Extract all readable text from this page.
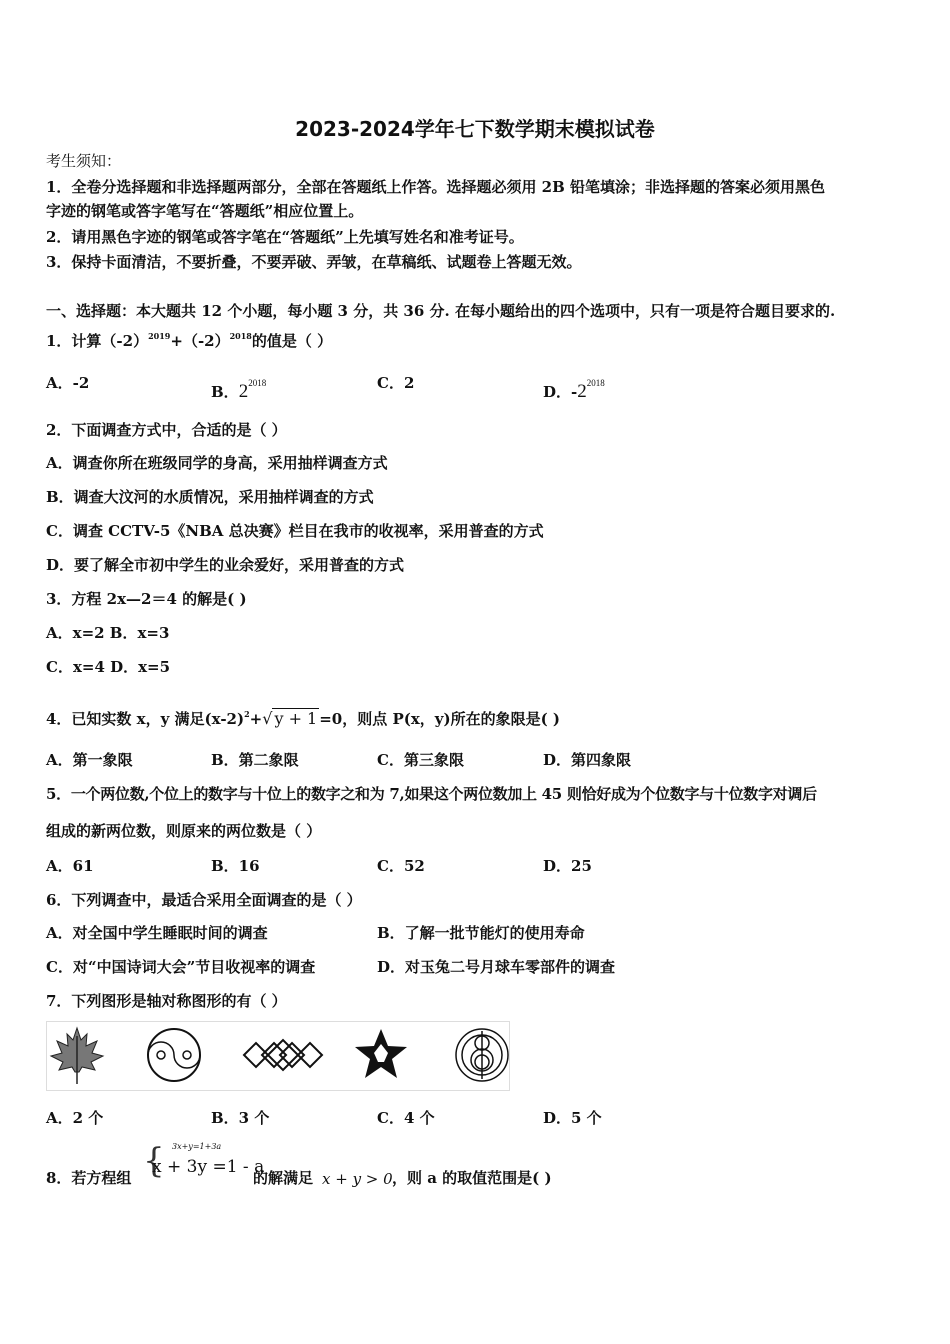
2023-2024学年七下数学期末模拟试卷
考生须知：
1．全卷分选择题和非选择题两部分，全部在答题纸上作答。选择题必须用 2B 铅笔填涂；非选择题的答案必须用黑色
字迹的钢笔或答字笔写在“答题纸”相应位置上。
2．请用黑色字迹的钢笔或答字笔在“答题纸”上先填写姓名和准考证号。
3．保持卡面清洁，不要折叠，不要弄破、弄皱，在草稿纸、试题卷上答题无效。
一、选择题：本大题共 12 个小题，每小题 3 分，共 36 分. 在每小题给出的四个选项中，只有一项是符合题目要求的.
1．计算$(-2)^{2019}+(-2)^{2018}$的值是（ ）
A．-2	B．$2^{2018}$	C．2	D．$-2^{2018}$
2．下面调查方式中，合适的是（ ）
A．调查你所在班级同学的身高，采用抽样调查方式
B．调查大汶河的水质情况，采用抽样调查的方式
C．调查 CCTV-5《NBA 总决赛》栏目在我市的收视率，采用普查的方式
D．要了解全市初中学生的业余爱好，采用普查的方式
3．方程 2x—2＝4 的解是( )
A．x=2 B．x=3
C．x=4 D．x=5
4．已知实数 x，y 满足$(x-2)^2+√$ y + 1 =0，则点 P(x，y)所在的象限是( )
A．第一象限	B．第二象限	C．第三象限	D．第四象限
5．一个两位数,个位上的数字与十位上的数字之和为 7,如果这个两位数加上 45 则恰好成为个位数字与十位数字对调后
组成的新两位数，则原来的两位数是（ ）
A．61	B．16	C．52	D．25
6．下列调查中，最适合采用全面调查的是（ ）
A．对全国中学生睡眠时间的调查	B．了解一批节能灯的使用寿命
C．对“中国诗词大会”节目收视率的调查	D．对玉兔二号月球车零部件的调查
7．下列图形是轴对称图形的有（ ）
A．2 个	B．3 个	C．4 个	D．5 个
8．若方程组 { 3x+y=1+3a
x + 3y =1 - a
的解满足 x + y > 0 ，则 a 的取值范围是( )
